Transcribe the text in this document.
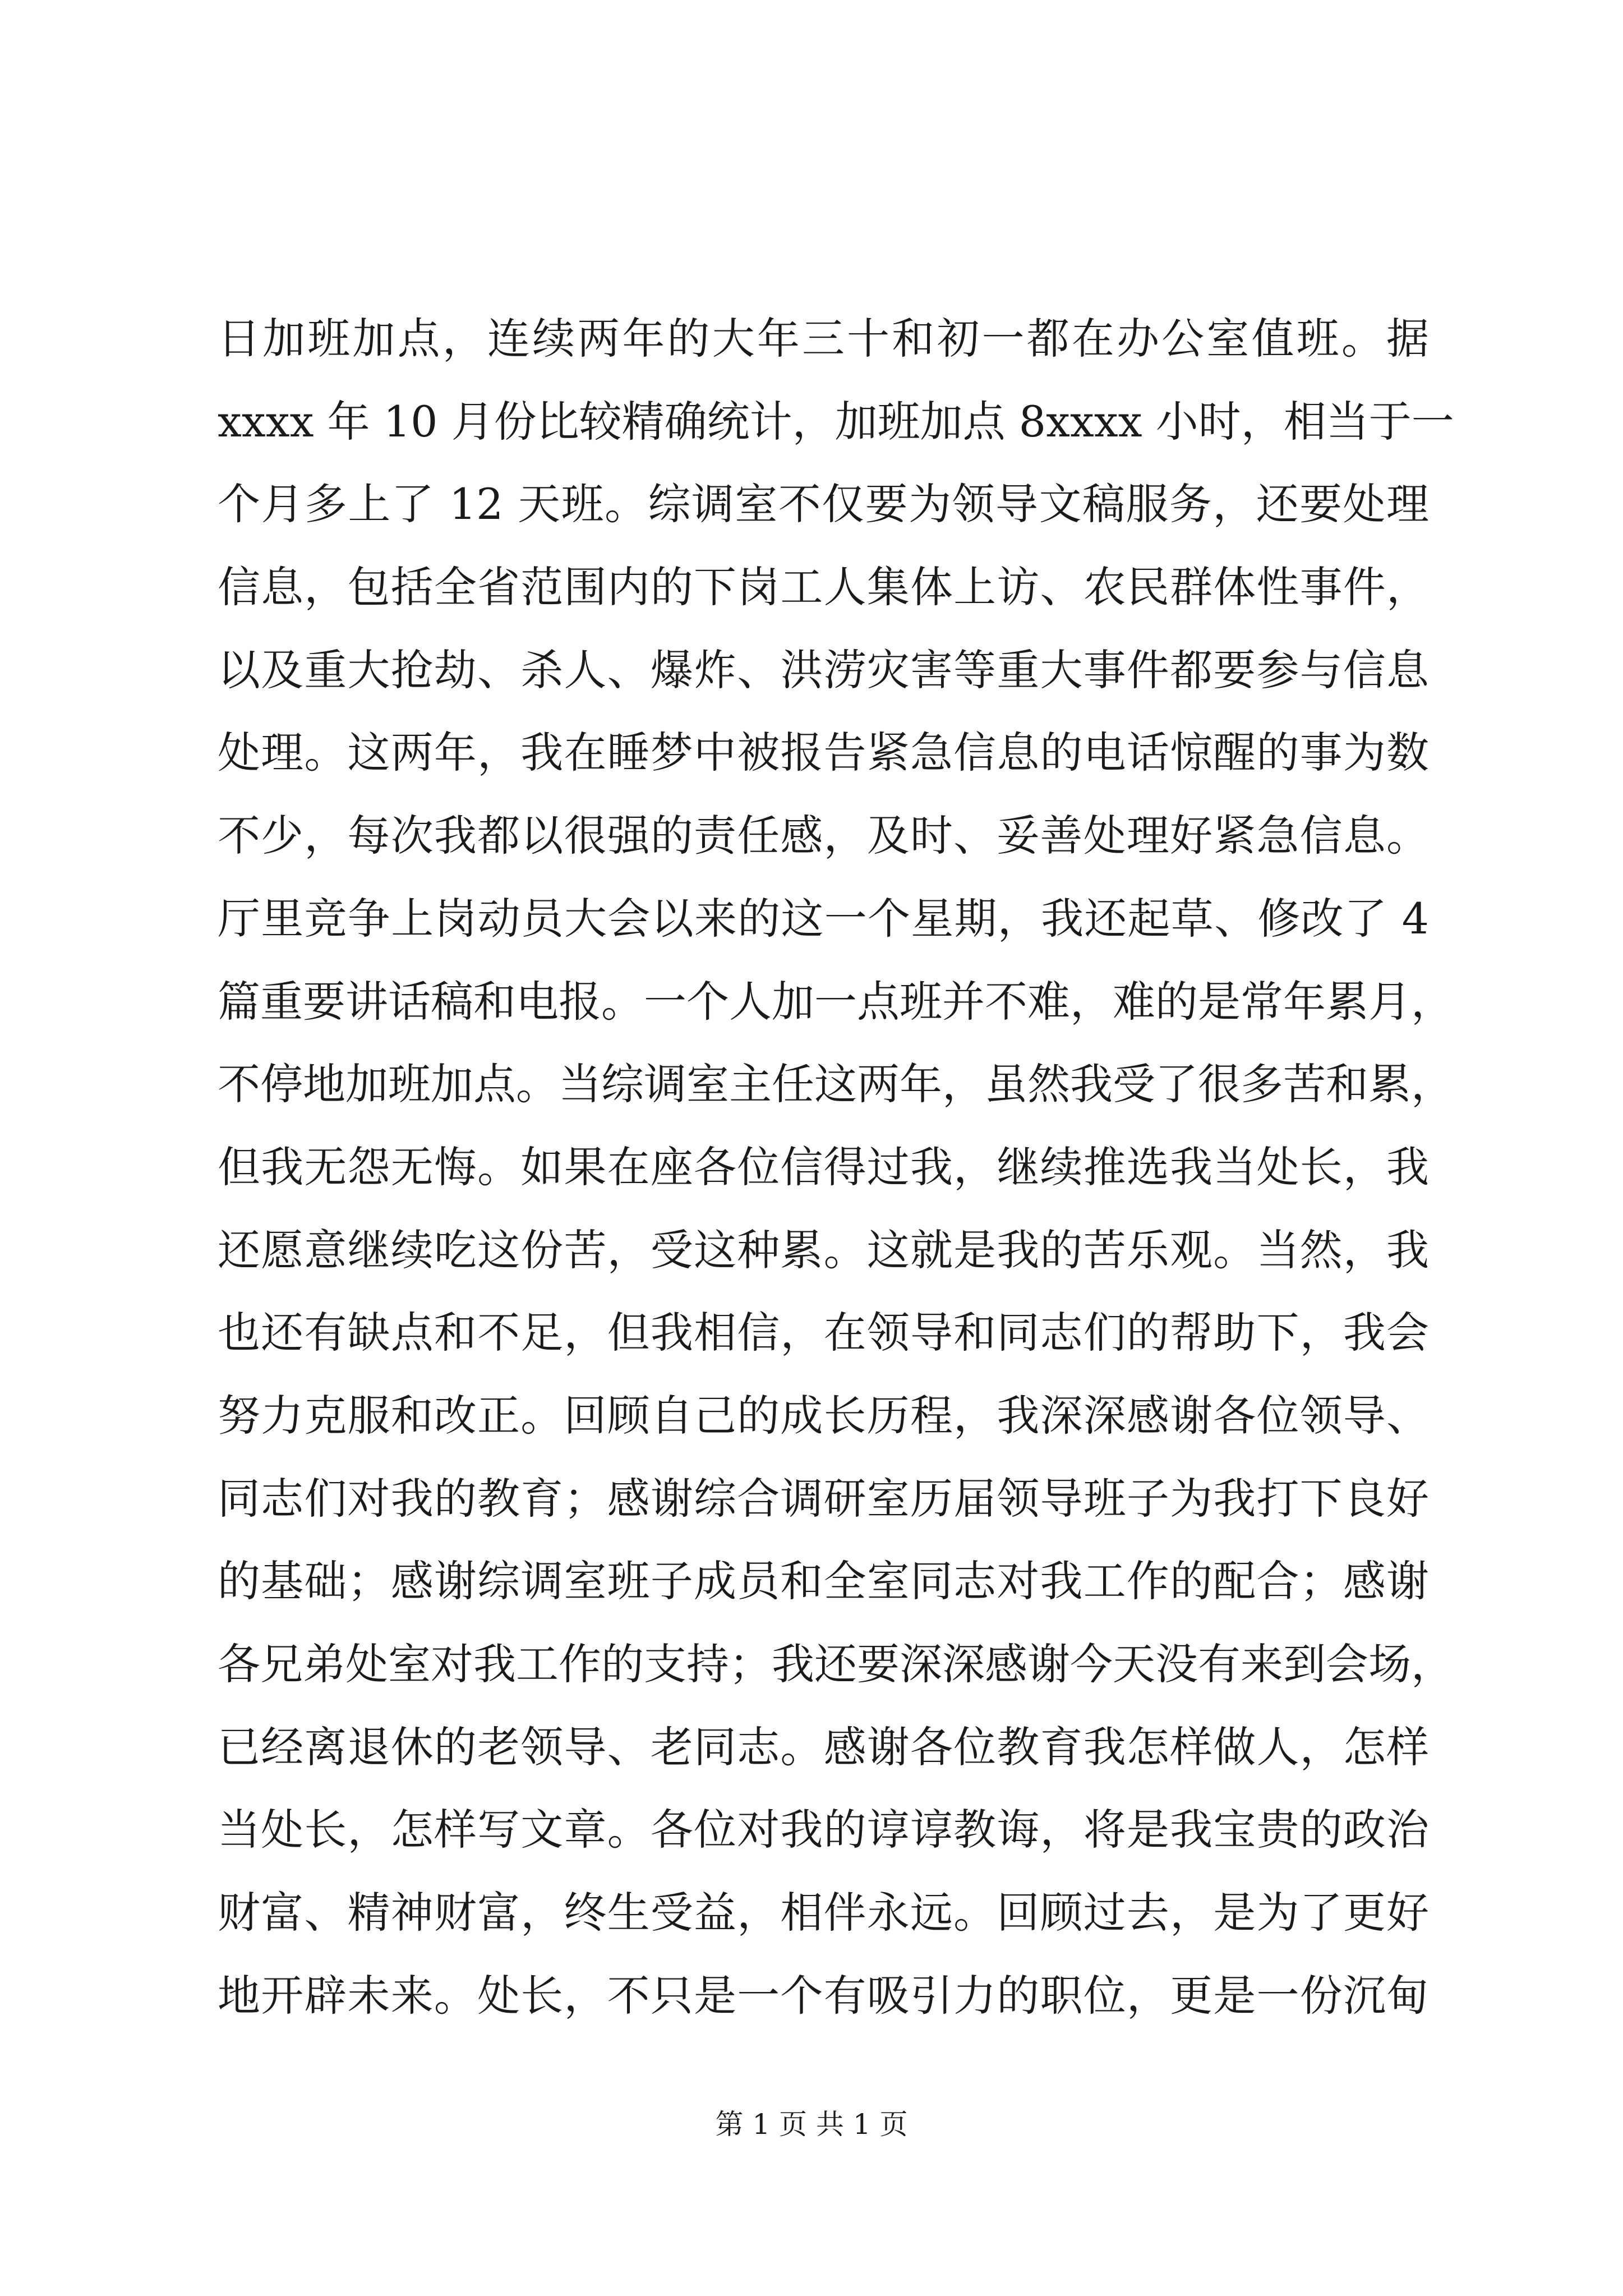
日加班加点，连续两年的大年三十和初一都在办公室值班。据
xxxx 年 10 月份比较精确统计，加班加点 8xxxx 小时，相当于一
个月多上了 12 天班。综调室不仅要为领导文稿服务，还要处理
信息，包括全省范围内的下岗工人集体上访、农民群体性事件，
以及重大抢劫、杀人、爆炸、洪涝灾害等重大事件都要参与信息
处理。这两年，我在睡梦中被报告紧急信息的电话惊醒的事为数
不少，每次我都以很强的责任感，及时、妥善处理好紧急信息。
厅里竞争上岗动员大会以来的这一个星期，我还起草、修改了 4
篇重要讲话稿和电报。一个人加一点班并不难，难的是常年累月，
不停地加班加点。当综调室主任这两年，虽然我受了很多苦和累，
但我无怨无悔。如果在座各位信得过我，继续推选我当处长，我
还愿意继续吃这份苦，受这种累。这就是我的苦乐观。当然，我
也还有缺点和不足，但我相信，在领导和同志们的帮助下，我会
努力克服和改正。回顾自己的成长历程，我深深感谢各位领导、
同志们对我的教育；感谢综合调研室历届领导班子为我打下良好
的基础；感谢综调室班子成员和全室同志对我工作的配合；感谢
各兄弟处室对我工作的支持；我还要深深感谢今天没有来到会场，
已经离退休的老领导、老同志。感谢各位教育我怎样做人，怎样
当处长，怎样写文章。各位对我的谆谆教诲，将是我宝贵的政治
财富、精神财富，终生受益，相伴永远。回顾过去，是为了更好
地开辟未来。处长，不只是一个有吸引力的职位，更是一份沉甸
第 1 页 共 1 页
